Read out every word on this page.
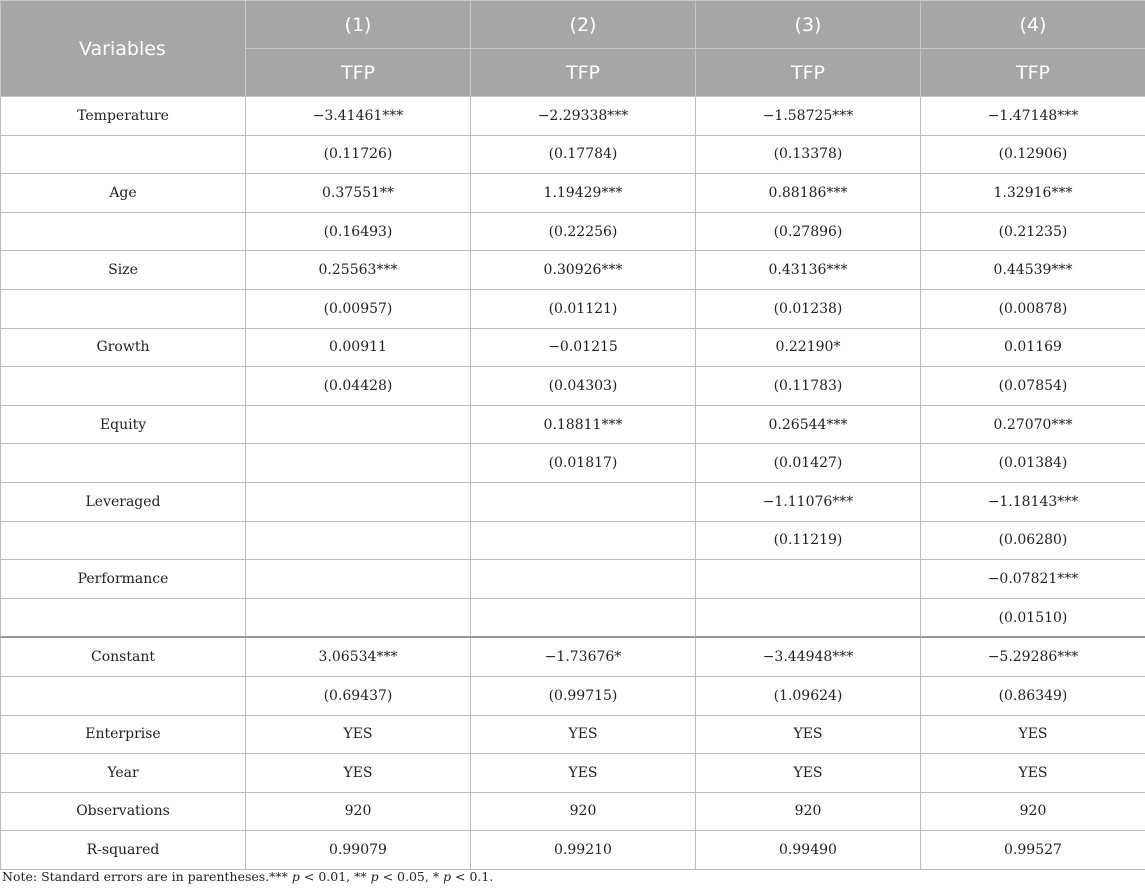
Variables	(1)	(2)	(3)	(4)
	TFP	TFP	TFP	TFP
Temperature	−3.41461***	−2.29338***	−1.58725***	−1.47148***
	(0.11726)	(0.17784)	(0.13378)	(0.12906)
Age	0.37551**	1.19429***	0.88186***	1.32916***
	(0.16493)	(0.22256)	(0.27896)	(0.21235)
Size	0.25563***	0.30926***	0.43136***	0.44539***
	(0.00957)	(0.01121)	(0.01238)	(0.00878)
Growth	0.00911	−0.01215	0.22190*	0.01169
	(0.04428)	(0.04303)	(0.11783)	(0.07854)
Equity		0.18811***	0.26544***	0.27070***
		(0.01817)	(0.01427)	(0.01384)
Leveraged			−1.11076***	−1.18143***
			(0.11219)	(0.06280)
Performance				−0.07821***
				(0.01510)
Constant	3.06534***	−1.73676*	−3.44948***	−5.29286***
	(0.69437)	(0.99715)	(1.09624)	(0.86349)
Enterprise	YES	YES	YES	YES
Year	YES	YES	YES	YES
Observations	920	920	920	920
R-squared	0.99079	0.99210	0.99490	0.99527
Note: Standard errors are in parentheses.*** p < 0.01, ** p < 0.05, * p < 0.1.
